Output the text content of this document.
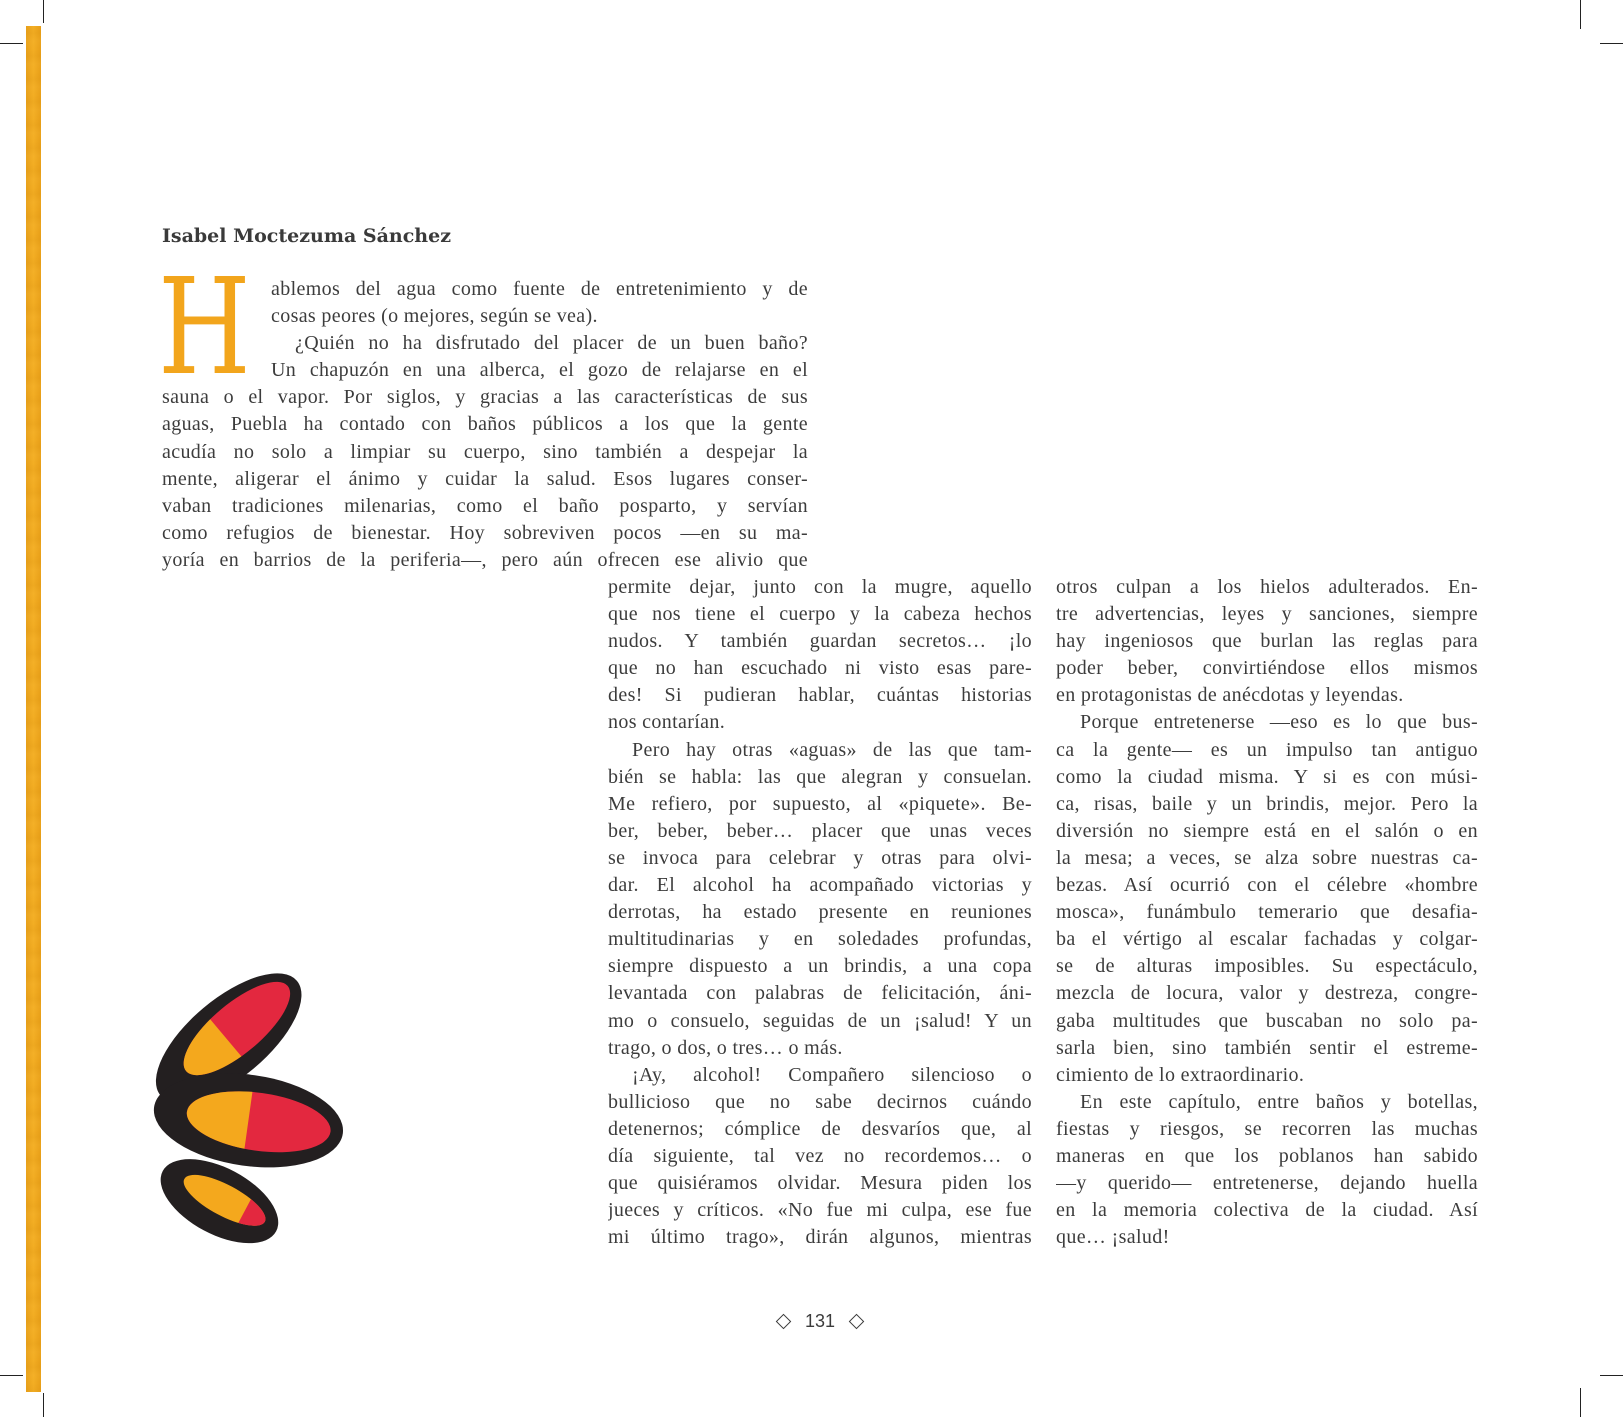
Isabel Moctezuma Sánchez
H	ablemos del agua como fuente de entretenimiento y de
cosas peores (o mejores, según se vea).
¿Quién no ha disfrutado del placer de un buen baño?
Un chapuzón en una alberca, el gozo de relajarse en el
sauna o el vapor. Por siglos, y gracias a las características de sus
aguas, Puebla ha contado con baños públicos a los que la gente
acudía no solo a limpiar su cuerpo, sino también a despejar la
mente, aligerar el ánimo y cuidar la salud. Esos lugares conser-
vaban tradiciones milenarias, como el baño posparto, y servían
como refugios de bienestar. Hoy sobreviven pocos —en su ma-
yoría en barrios de la periferia—, pero aún ofrecen ese alivio que
permite dejar, junto con la mugre, aquello
que nos tiene el cuerpo y la cabeza hechos
nudos. Y también guardan secretos… ¡lo
que no han escuchado ni visto esas pare-
des! Si pudieran hablar, cuántas historias
nos contarían.
Pero hay otras «aguas» de las que tam-
bién se habla: las que alegran y consuelan.
Me refiero, por supuesto, al «piquete». Be-
ber, beber, beber… placer que unas veces
se invoca para celebrar y otras para olvi-
dar. El alcohol ha acompañado victorias y
derrotas, ha estado presente en reuniones
multitudinarias y en soledades profundas,
siempre dispuesto a un brindis, a una copa
levantada con palabras de felicitación, áni-
mo o consuelo, seguidas de un ¡salud! Y un
trago, o dos, o tres… o más.
¡Ay, alcohol! Compañero silencioso o
bullicioso que no sabe decirnos cuándo
detenernos; cómplice de desvaríos que, al
día siguiente, tal vez no recordemos… o
que quisiéramos olvidar. Mesura piden los
jueces y críticos. «No fue mi culpa, ese fue
mi último trago», dirán algunos, mientras
otros culpan a los hielos adulterados. En-
tre advertencias, leyes y sanciones, siempre
hay ingeniosos que burlan las reglas para
poder beber, convirtiéndose ellos mismos
en protagonistas de anécdotas y leyendas.
Porque entretenerse —eso es lo que bus-
ca la gente— es un impulso tan antiguo
como la ciudad misma. Y si es con músi-
ca, risas, baile y un brindis, mejor. Pero la
diversión no siempre está en el salón o en
la mesa; a veces, se alza sobre nuestras ca-
bezas. Así ocurrió con el célebre «hombre
mosca», funámbulo temerario que desafia-
ba el vértigo al escalar fachadas y colgar-
se de alturas imposibles. Su espectáculo,
mezcla de locura, valor y destreza, congre-
gaba multitudes que buscaban no solo pa-
sarla bien, sino también sentir el estreme-
cimiento de lo extraordinario.
En este capítulo, entre baños y botellas,
fiestas y riesgos, se recorren las muchas
maneras en que los poblanos han sabido
—y querido— entretenerse, dejando huella
en la memoria colectiva de la ciudad. Así
que… ¡salud!
131
